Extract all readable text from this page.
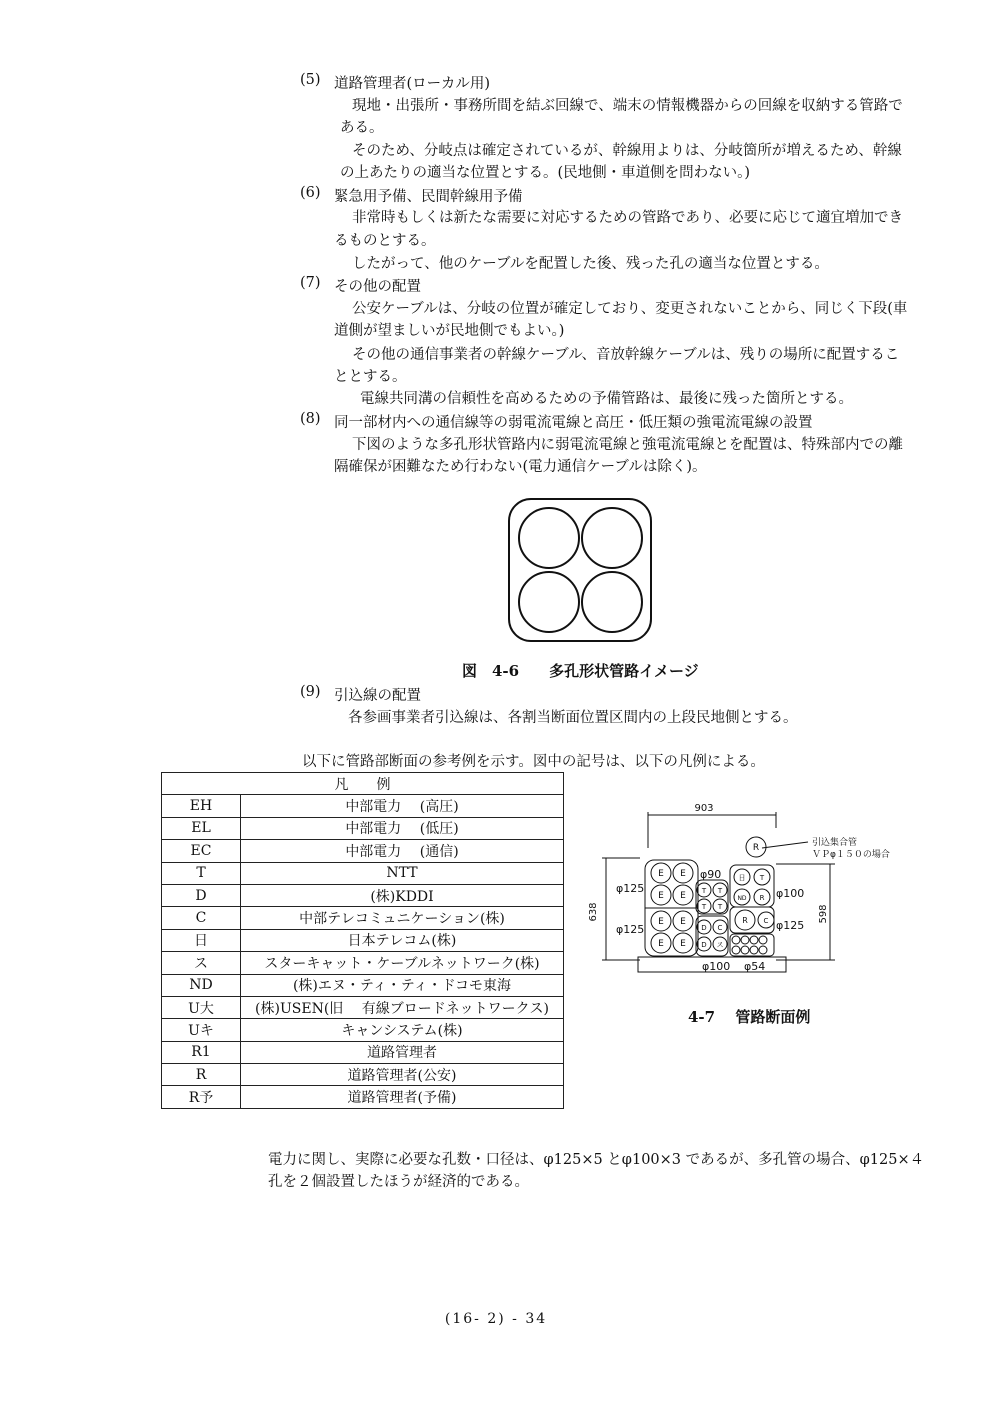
(5) 道路管理者(ローカル用)
現地・出張所・事務所間を結ぶ回線で、端末の情報機器からの回線を収納する管路で
ある。
そのため、分岐点は確定されているが、幹線用よりは、分岐箇所が増えるため、幹線
の上あたりの適当な位置とする。(民地側・車道側を問わない。)
(6) 緊急用予備、民間幹線用予備
非常時もしくは新たな需要に対応するための管路であり、必要に応じて適宜増加でき
るものとする。
したがって、他のケーブルを配置した後、残った孔の適当な位置とする。
(7) その他の配置
公安ケーブルは、分岐の位置が確定しており、変更されないことから、同じく下段(車
道側が望ましいが民地側でもよい。)
その他の通信事業者の幹線ケーブル、音放幹線ケーブルは、残りの場所に配置するこ
ととする。
電線共同溝の信頼性を高めるための予備管路は、最後に残った箇所とする。
(8) 同一部材内への通信線等の弱電流電線と高圧・低圧類の強電流電線の設置
下図のような多孔形状管路内に弱電流電線と強電流電線とを配置は、特殊部内での離
隔確保が困難なため行わない(電力通信ケーブルは除く)。
図　4-6　　多孔形状管路イメージ
(9) 引込線の配置
各参画事業者引込線は、各割当断面位置区間内の上段民地側とする。
以下に管路部断面の参考例を示す。図中の記号は、以下の凡例による。
凡　　例	
EH	中部電力　 (高圧)
EL	中部電力　 (低圧)
EC	中部電力　 (通信)
T	NTT
D	(株)KDDI
C	中部テレコミュニケーション(株)
日	日本テレコム(株)
ス	スターキャット・ケーブルネットワーク(株)
ND	(株)エヌ・ティ・ティ・ドコモ東海
U大	(株)USEN(旧　 有線ブロードネットワークス)
Uキ	キャンシステム(株)
R1	道路管理者
R	道路管理者(公安)
R予	道路管理者(予備)
R
E E
E E
E E
E E
T T
T T
D C
D ス
日 T
ND R
R C
903
638	598
引込集合管
ＶＰφ１５０の場合
φ125
φ125
φ90
φ100
φ125
φ100 φ54
4-7　 管路断面例
電力に関し、実際に必要な孔数・口径は、φ125×5 とφ100×3 であるが、多孔管の場合、φ125×４
孔を２個設置したほうが経済的である。
(16- 2) - 34
